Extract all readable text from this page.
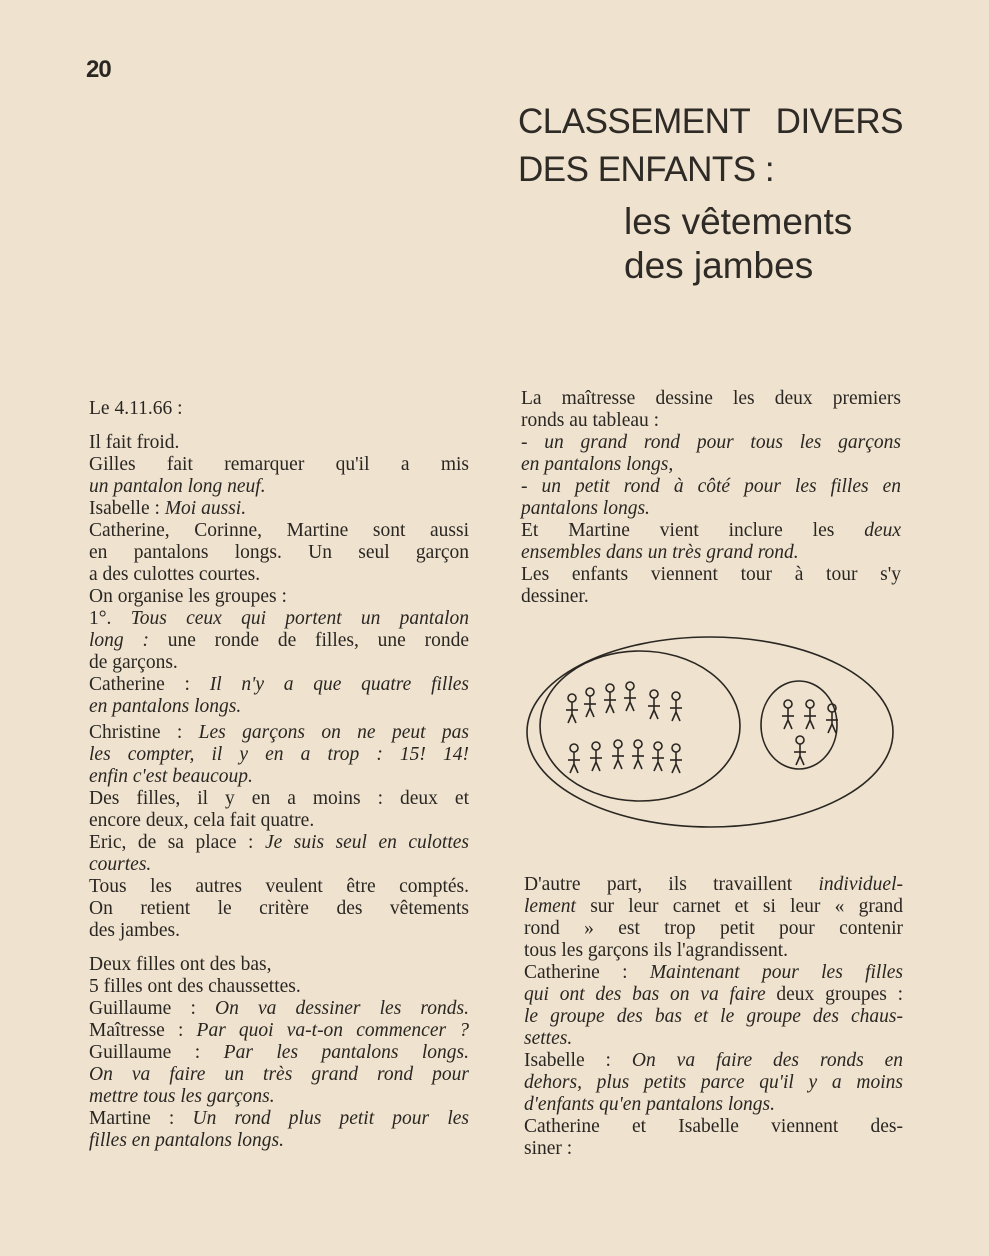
20
CLASSEMENT DIVERS
DES ENFANTS :
les vêtements
des jambes

Le 4.11.66 :

Il fait froid.

Gilles fait remarquer qu'il a mis

un pantalon long neuf.

Isabelle : Moi aussi.

Catherine, Corinne, Martine sont aussi

en pantalons longs. Un seul garçon

a des culottes courtes.

On organise les groupes :

1°. Tous ceux qui portent un pantalon

long : une ronde de filles, une ronde

de garçons.

Catherine : Il n'y a que quatre filles

en pantalons longs.

Christine : Les garçons on ne peut pas

les compter, il y en a trop : 15! 14!

enfin c'est beaucoup.

Des filles, il y en a moins : deux et

encore deux, cela fait quatre.

Eric, de sa place : Je suis seul en culottes

courtes.

Tous les autres veulent être comptés.

On retient le critère des vêtements

des jambes.

Deux filles ont des bas,

5 filles ont des chaussettes.

Guillaume : On va dessiner les ronds.

Maîtresse : Par quoi va-t-on commencer ?

Guillaume : Par les pantalons longs.

On va faire un très grand rond pour

mettre tous les garçons.

Martine : Un rond plus petit pour les

filles en pantalons longs.

La maîtresse dessine les deux premiers

ronds au tableau :

- un grand rond pour tous les garçons

en pantalons longs,

- un petit rond à côté pour les filles en

pantalons longs.

Et Martine vient inclure les deux

ensembles dans un très grand rond.

Les enfants viennent tour à tour s'y

dessiner.

D'autre part, ils travaillent individuel-

lement sur leur carnet et si leur « grand

rond » est trop petit pour contenir

tous les garçons ils l'agrandissent.

Catherine : Maintenant pour les filles

qui ont des bas on va faire deux groupes :

le groupe des bas et le groupe des chaus-

settes.

Isabelle : On va faire des ronds en

dehors, plus petits parce qu'il y a moins

d'enfants qu'en pantalons longs.

Catherine et Isabelle viennent des-

siner :
